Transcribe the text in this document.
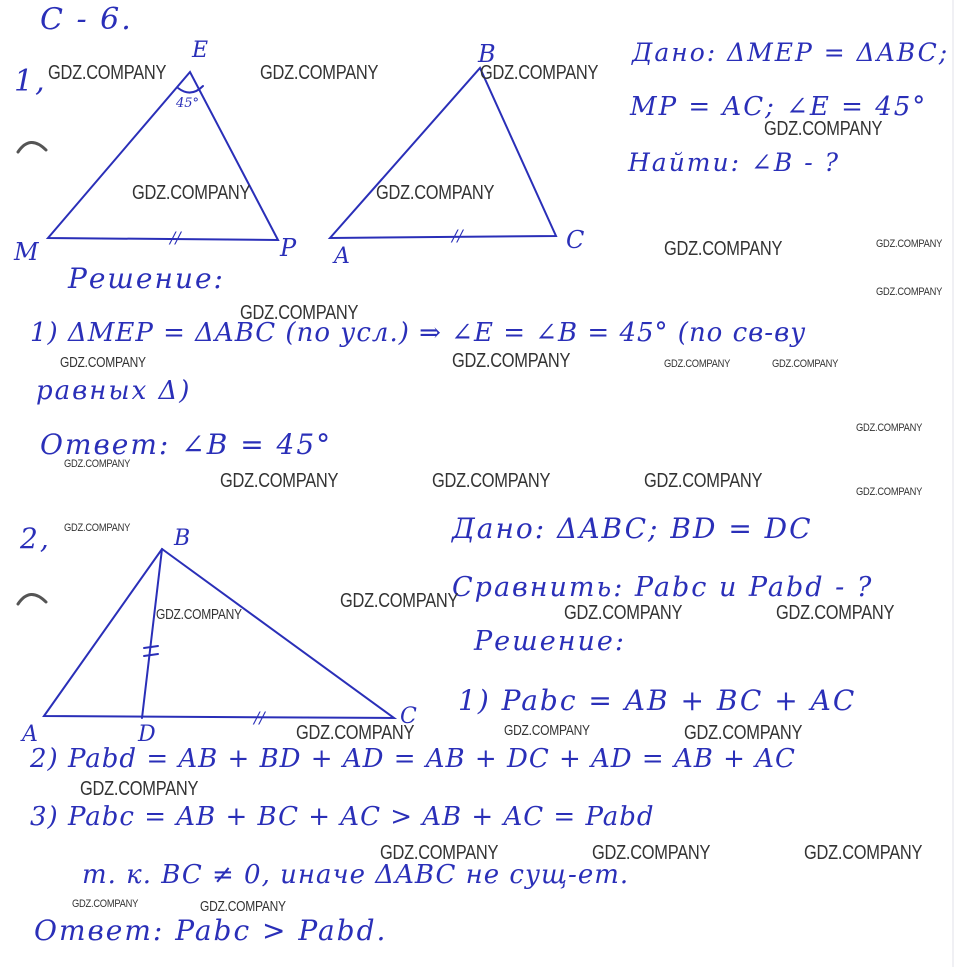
С - 6.
1,
E
45°
M	P
//
B
A
C
//
Дано: ΔMEP = ΔABC;
MP = AC; ∠E = 45°
Найти: ∠B - ?
Решение:
1) ΔMEP = ΔABC (по усл.) ⇒ ∠E = ∠B = 45° (по св-ву
равных Δ)
Ответ: ∠B = 45°
2,	B
A	D
C
//
Дано: ΔABC; BD = DC
Сравнить: Pabc и Pabd - ?
Решение:
1) Pabc = AB + BC + AC
2) Pabd = AB + BD + AD = AB + DC + AD = AB + AC
3) Pabc = AB + BC + AC > AB + AC = Pabd
т. к. BC ≠ 0, иначе ΔABC не сущ-ет.
Ответ: Pabc > Pabd.
GDZ.COMPANY	GDZ.COMPANY	GDZ.COMPANY
GDZ.COMPANY
GDZ.COMPANY	GDZ.COMPANY
GDZ.COMPANY
GDZ.COMPANY
GDZ.COMPANY
GDZ.COMPANY	GDZ.COMPANY	GDZ.COMPANY
GDZ.COMPANY
GDZ.COMPANY	GDZ.COMPANY
GDZ.COMPANY	GDZ.COMPANY
GDZ.COMPANY
GDZ.COMPANY	GDZ.COMPANY	GDZ.COMPANY
GDZ.COMPANY
GDZ.COMPANY
GDZ.COMPANY	GDZ.COMPANY	GDZ.COMPANY
GDZ.COMPANY
GDZ.COMPANY
GDZ.COMPANY
GDZ.COMPANY
GDZ.COMPANY
GDZ.COMPANY
GDZ.COMPANY	GDZ.COMPANY
